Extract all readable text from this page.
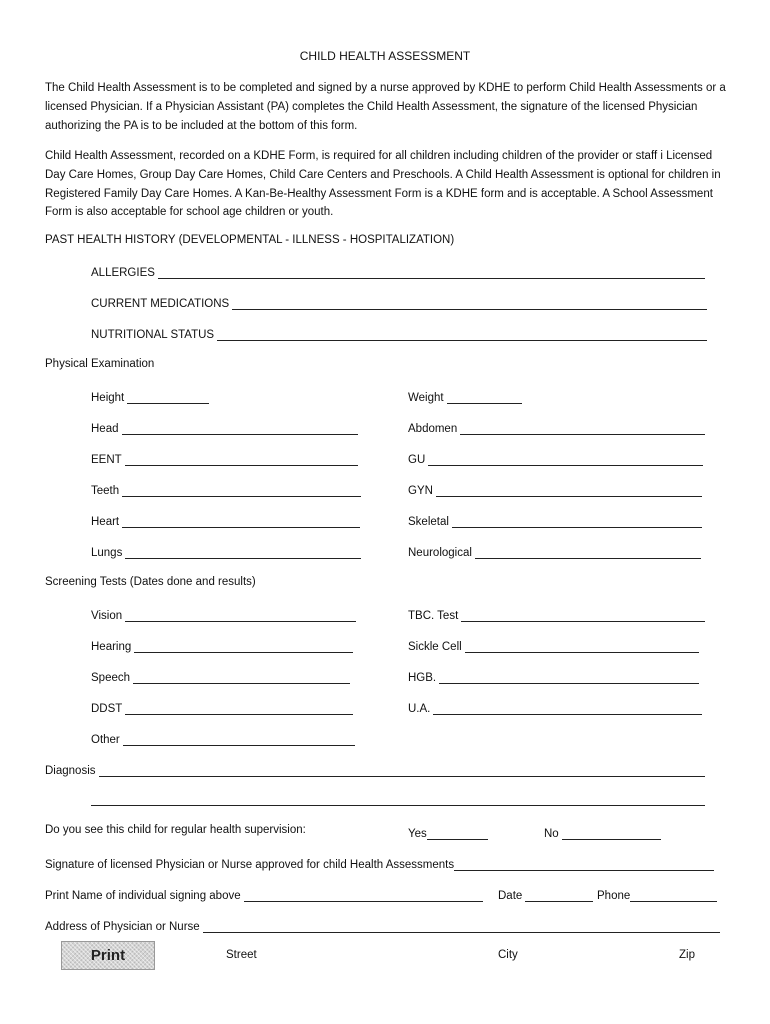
CHILD HEALTH ASSESSMENT
The Child Health Assessment is to be completed and signed by a nurse approved by KDHE to perform Child Health Assessments or a licensed Physician. If a Physician Assistant (PA) completes the Child Health Assessment, the signature of the licensed Physician authorizing the PA is to be included at the bottom of this form.
Child Health Assessment, recorded on a KDHE Form, is required for all children including children of the provider or staff i Licensed Day Care Homes, Group Day Care Homes, Child Care Centers and Preschools. A Child Health Assessment is optional for children in Registered Family Day Care Homes. A Kan-Be-Healthy Assessment Form is a KDHE form and is acceptable. A School Assessment Form is also acceptable for school age children or youth.
PAST HEALTH HISTORY (DEVELOPMENTAL - ILLNESS - HOSPITALIZATION)
ALLERGIES
CURRENT MEDICATIONS
NUTRITIONAL STATUS
Physical Examination
Height	Weight
Head	Abdomen
EENT	GU
Teeth	GYN
Heart	Skeletal
Lungs	Neurological
Screening Tests (Dates done and results)
Vision	TBC. Test
Hearing	Sickle Cell
Speech	HGB.
DDST	U.A.
Other
Diagnosis
Do you see this child for regular health supervision:	Yes	No
Signature of licensed Physician or Nurse approved for child Health Assessments
Print Name of individual signing above	Date	Phone
Address of Physician or Nurse
Print	Street	City	Zip
